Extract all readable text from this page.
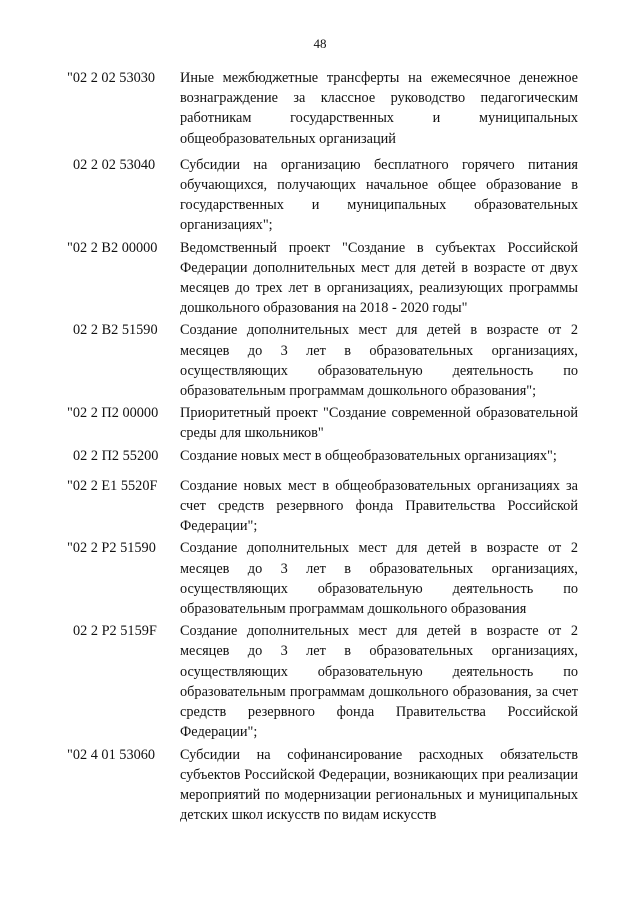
48
"02 2 02 53030	Иные межбюджетные трансферты на ежемесячное денежное вознаграждение за классное руководство педагогическим работникам государственных и муниципальных общеобразовательных организаций
02 2 02 53040	Субсидии на организацию бесплатного горячего питания обучающихся, получающих начальное общее образование в государственных и муниципальных образовательных организациях";
"02 2 В2 00000	Ведомственный проект "Создание в субъектах Российской Федерации дополнительных мест для детей в возрасте от двух месяцев до трех лет в организациях, реализующих программы дошкольного образования на 2018 - 2020 годы"
02 2 В2 51590	Создание дополнительных мест для детей в возрасте от 2 месяцев до 3 лет в образовательных организациях, осуществляющих образовательную деятельность по образовательным программам дошкольного образования";
"02 2 П2 00000 Приоритетный проект "Создание современной образовательной среды для школьников"
02 2 П2 55200 Создание новых мест в общеобразовательных организациях";
"02 2 E1 5520F	Создание новых мест в общеобразовательных организациях за счет средств резервного фонда Правительства Российской Федерации";
"02 2 P2 51590	Создание дополнительных мест для детей в возрасте от 2 месяцев до 3 лет в образовательных организациях, осуществляющих образовательную деятельность по образовательным программам дошкольного образования
02 2 P2 5159F	Создание дополнительных мест для детей в возрасте от 2 месяцев до 3 лет в образовательных организациях, осуществляющих образовательную деятельность по образовательным программам дошкольного образования, за счет средств резервного фонда Правительства Российской Федерации";
"02 4 01 53060	Субсидии на софинансирование расходных обязательств субъектов Российской Федерации, возникающих при реализации мероприятий по модернизации региональных и муниципальных детских школ искусств по видам искусств
